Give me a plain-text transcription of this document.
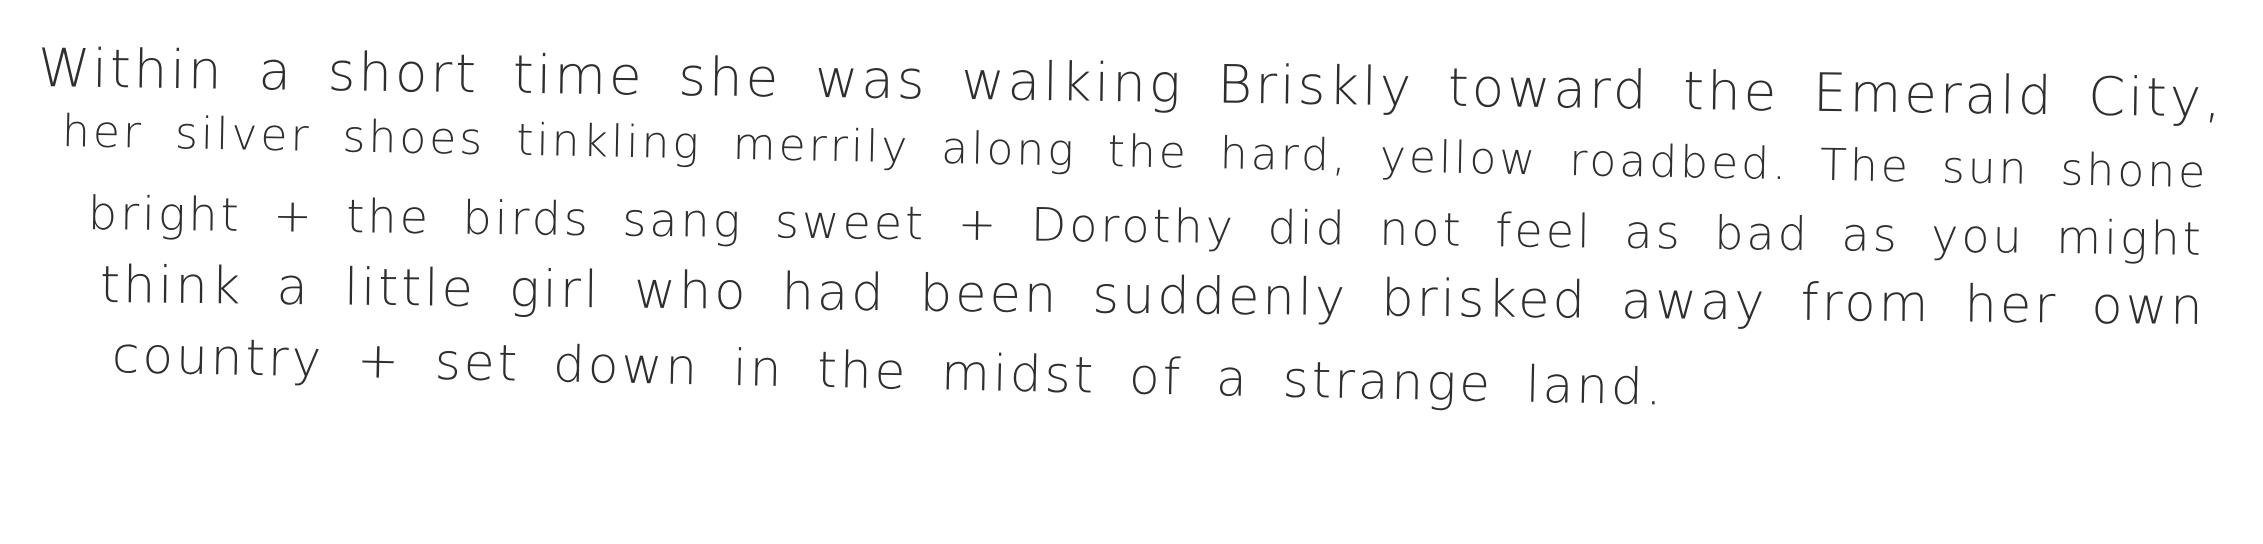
Within a short time she was walking Briskly toward the Emerald City,
her silver shoes tinkling merrily along the hard, yellow roadbed. The sun shone
bright + the birds sang sweet + Dorothy did not feel as bad as you might
think a little girl who had been suddenly brisked away from her own
country + set down in the midst of a strange land.
